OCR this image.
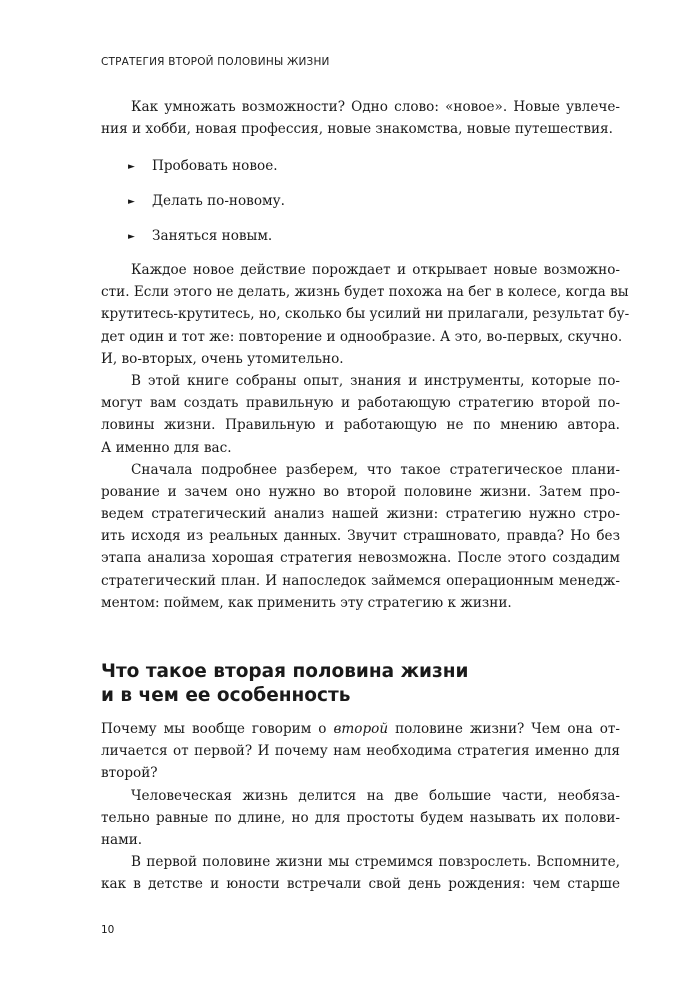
СТРАТЕГИЯ ВТОРОЙ ПОЛОВИНЫ ЖИЗНИ
Как умножать возможности? Одно слово: «новое». Новые увлече-
ния и хобби, новая профессия, новые знакомства, новые путешествия.
► Пробовать новое.
► Делать по-новому.
► Заняться новым.
Каждое новое действие порождает и открывает новые возможно-
сти. Если этого не делать, жизнь будет похожа на бег в колесе, когда вы
крутитесь-крутитесь, но, сколько бы усилий ни прилагали, результат бу-
дет один и тот же: повторение и однообразие. А это, во-первых, скучно.
И, во-вторых, очень утомительно.
В этой книге собраны опыт, знания и инструменты, которые по-
могут вам создать правильную и работающую стратегию второй по-
ловины жизни. Правильную и работающую не по мнению автора.
А именно для вас.
Сначала подробнее разберем, что такое стратегическое плани-
рование и зачем оно нужно во второй половине жизни. Затем про-
ведем стратегический анализ нашей жизни: стратегию нужно стро-
ить исходя из реальных данных. Звучит страшновато, правда? Но без
этапа анализа хорошая стратегия невозможна. После этого создадим
стратегический план. И напоследок займемся операционным менедж-
ментом: поймем, как применить эту стратегию к жизни.
Что такое вторая половина жизни
и в чем ее особенность
Почему мы вообще говорим о второй половине жизни? Чем она от-
личается от первой? И почему нам необходима стратегия именно для
второй?
Человеческая жизнь делится на две большие части, необяза-
тельно равные по длине, но для простоты будем называть их полови-
нами.
В первой половине жизни мы стремимся повзрослеть. Вспомните,
как в детстве и юности встречали свой день рождения: чем старше
10
